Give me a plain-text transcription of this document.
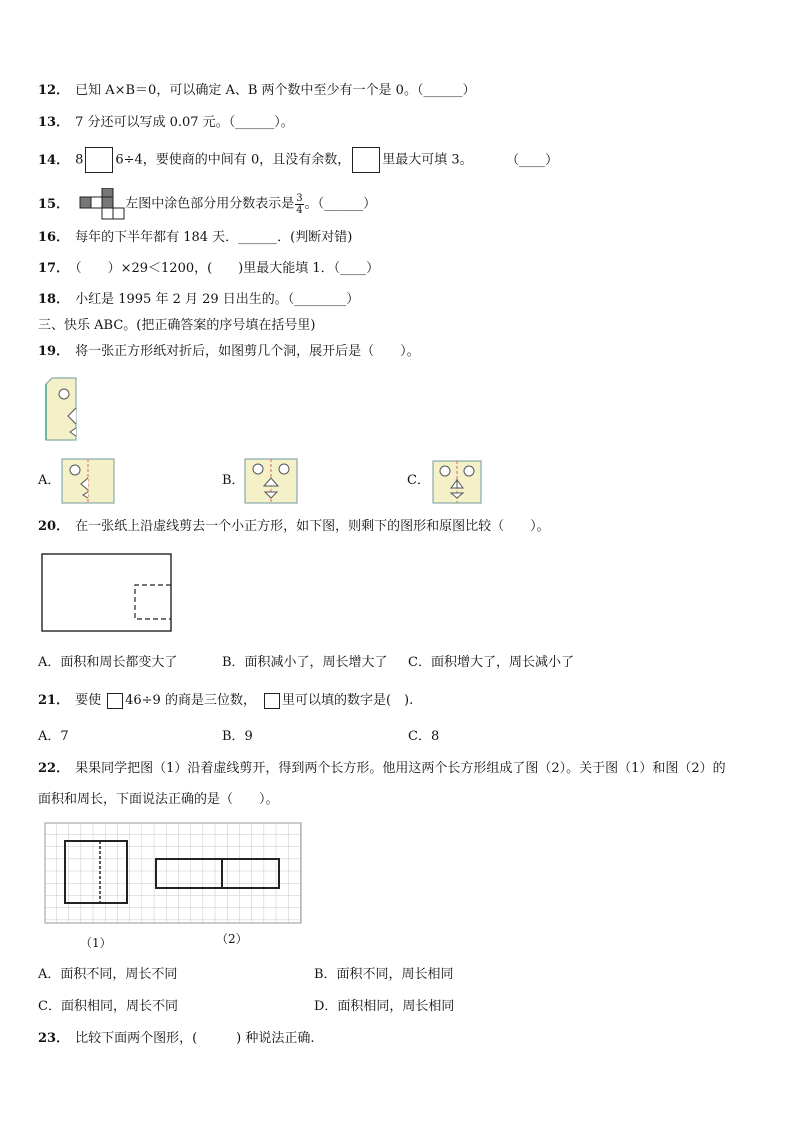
12． 已知 A×B＝0，可以确定 A、B 两个数中至少有一个是 0。（______）
13． 7 分还可以写成 0.07 元。（______）。
14． 8 6÷4，要使商的中间有 0，且没有余数， 里最大可填 3。	（____）
15．	左图中涂色部分用分数表示是 $\frac{3}{4}$ 。（______）
16． 每年的下半年都有 184 天．______．(判断对错)
17． （　　）×29＜1200，(　　)里最大能填 1．（____）
18． 小红是 1995 年 2 月 29 日出生的。（________）
三、快乐 ABC。(把正确答案的序号填在括号里)
19． 将一张正方形纸对折后，如图剪几个洞，展开后是（　　）。
A．	B．	C．
20． 在一张纸上沿虚线剪去一个小正方形，如下图，则剩下的图形和原图比较（　　）。
A．面积和周长都变大了	B．面积减小了，周长增大了 C．面积增大了，周长减小了
21． 要使 46÷9 的商是三位数， 里可以填的数字是(　).
A．7	B．9	C．8
22． 果果同学把图（1）沿着虚线剪开，得到两个长方形。他用这两个长方形组成了图（2）。关于图（1）和图（2）的
面积和周长，下面说法正确的是（　　）。
（1）	（2）
A．面积不同，周长不同	B．面积不同，周长相同
C．面积相同，周长不同	D．面积相同，周长相同
23． 比较下面两个图形，(　　　) 种说法正确.
